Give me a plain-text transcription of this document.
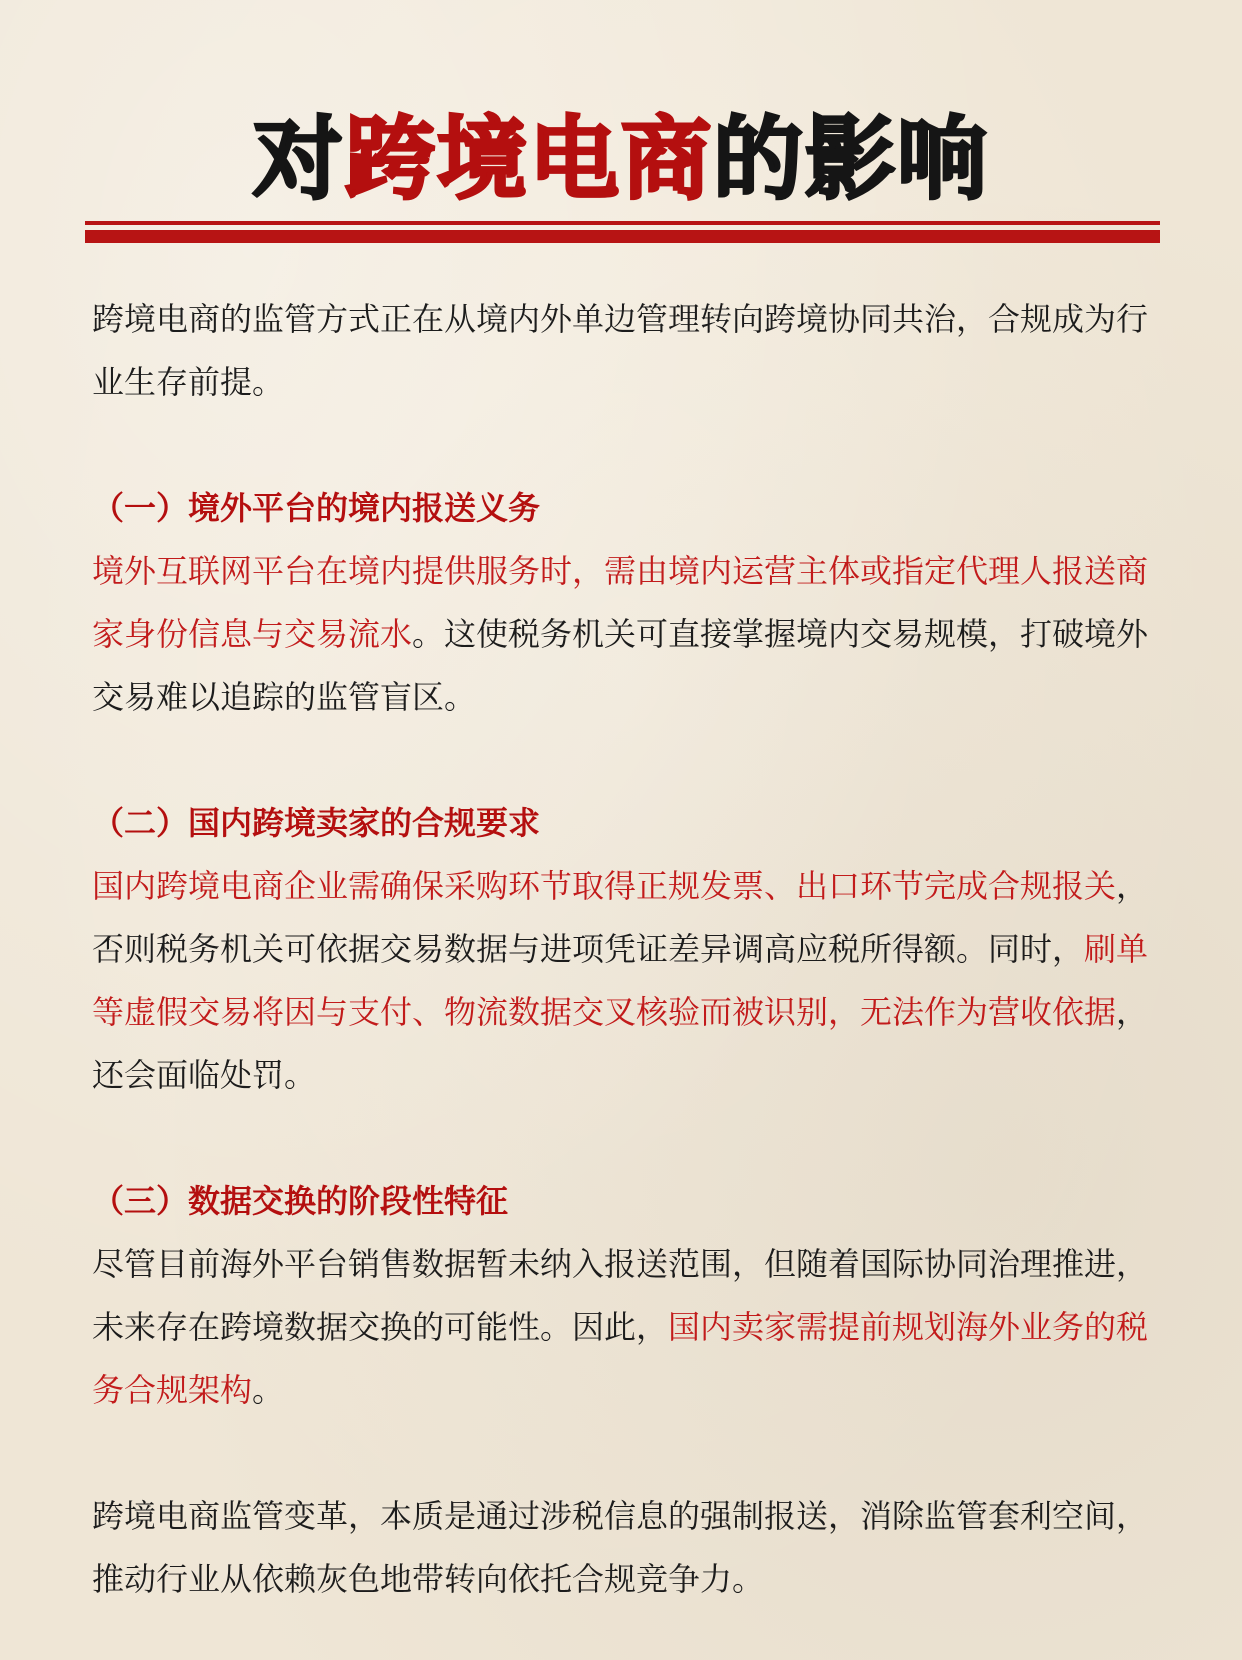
对跨境电商的影响

跨境电商的监管方式正在从境内外单边管理转向跨境协同共治，合规成为行业生存前提。

（一）境外平台的境内报送义务

境外互联网平台在境内提供服务时，需由境内运营主体或指定代理人报送商家身份信息与交易流水。这使税务机关可直接掌握境内交易规模，打破境外交易难以追踪的监管盲区。

（二）国内跨境卖家的合规要求

国内跨境电商企业需确保采购环节取得正规发票、出口环节完成合规报关，否则税务机关可依据交易数据与进项凭证差异调高应税所得额。同时，刷单等虚假交易将因与支付、物流数据交叉核验而被识别，无法作为营收依据，还会面临处罚。

（三）数据交换的阶段性特征

尽管目前海外平台销售数据暂未纳入报送范围，但随着国际协同治理推进，未来存在跨境数据交换的可能性。因此，国内卖家需提前规划海外业务的税务合规架构。

跨境电商监管变革，本质是通过涉税信息的强制报送，消除监管套利空间，推动行业从依赖灰色地带转向依托合规竞争力。
